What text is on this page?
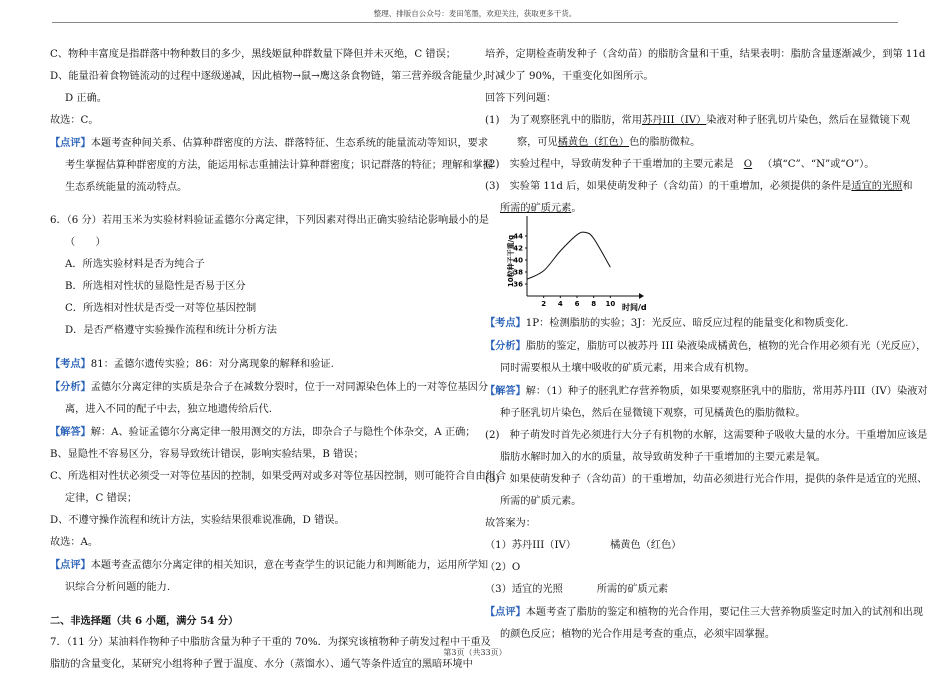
整理、排版自公众号：麦田笔墨，欢迎关注，获取更多干货。
C、物种丰富度是指群落中物种数目的多少，黑线姬鼠种群数量下降但并未灭绝，C 错误；
D、能量沿着食物链流动的过程中逐级递减，因此植物→鼠→鹰这条食物链，第三营养级含能量少，
D 正确。
故选：C。
【点评】本题考查种间关系、估算种群密度的方法、群落特征、生态系统的能量流动等知识，要求
考生掌握估算种群密度的方法，能运用标志重捕法计算种群密度；识记群落的特征；理解和掌握
生态系统能量的流动特点。
6．（6 分）若用玉米为实验材料验证孟德尔分离定律，下列因素对得出正确实验结论影响最小的是
（　　）
A．所选实验材料是否为纯合子
B．所选相对性状的显隐性是否易于区分
C．所选相对性状是否受一对等位基因控制
D．是否严格遵守实验操作流程和统计分析方法
【考点】81：孟德尔遗传实验；86：对分离现象的解释和验证.
【分析】孟德尔分离定律的实质是杂合子在减数分裂时，位于一对同源染色体上的一对等位基因分
离，进入不同的配子中去，独立地遗传给后代.
【解答】解：A、验证孟德尔分离定律一般用测交的方法，即杂合子与隐性个体杂交，A 正确；
B、显隐性不容易区分，容易导致统计错误，影响实验结果，B 错误；
C、所选相对性状必须受一对等位基因的控制，如果受两对或多对等位基因控制，则可能符合自由组合
定律，C 错误；
D、不遵守操作流程和统计方法，实验结果很难说准确，D 错误。
故选：A。
【点评】本题考查孟德尔分离定律的相关知识，意在考查学生的识记能力和判断能力，运用所学知
识综合分析问题的能力.
二、非选择题（共 6 小题，满分 54 分）
7．（11 分）某油料作物种子中脂肪含量为种子干重的 70%．为探究该植物种子萌发过程中干重及
脂肪的含量变化，某研究小组将种子置于温度、水分（蒸馏水）、通气等条件适宜的黑暗环境中
培养，定期检查萌发种子（含幼苗）的脂肪含量和干重，结果表明：脂肪含量逐渐减少，到第 11d
时减少了 90%，干重变化如图所示。
回答下列问题：
(1)　为了观察胚乳中的脂肪，常用苏丹III（IV）染液对种子胚乳切片染色，然后在显微镜下观
察，可见橘黄色（红色）色的脂肪微粒。
(2)　实验过程中，导致萌发种子干重增加的主要元素是 O （填“C”、“N”或“O”）。
(3)　实验第 11d 后，如果使萌发种子（含幼苗）的干重增加，必须提供的条件是适宜的光照和
所需的矿质元素。
10粒种子干重/g
时间/d
36
38
40
42
44
2 4 6 8 10
【考点】1P：检测脂肪的实验；3J：光反应、暗反应过程的能量变化和物质变化.
【分析】脂肪的鉴定，脂肪可以被苏丹 III 染液染成橘黄色，植物的光合作用必须有光（光反应），
同时需要根从土壤中吸收的矿质元素，用来合成有机物。
【解答】解：（1）种子的胚乳贮存营养物质，如果要观察胚乳中的脂肪，常用苏丹III（IV）染液对
种子胚乳切片染色，然后在显微镜下观察，可见橘黄色的脂肪微粒。
(2)　种子萌发时首先必须进行大分子有机物的水解，这需要种子吸收大量的水分。干重增加应该是
脂肪水解时加入的水的质量，故导致萌发种子干重增加的主要元素是氧。
(3)　如果使萌发种子（含幼苗）的干重增加，幼苗必须进行光合作用，提供的条件是适宜的光照、
所需的矿质元素。
故答案为：
（1）苏丹III（IV）	橘黄色（红色）
（2）O
（3）适宜的光照	所需的矿质元素
【点评】本题考查了脂肪的鉴定和植物的光合作用，要记住三大营养物质鉴定时加入的试剂和出现
的颜色反应；植物的光合作用是考查的重点，必须牢固掌握。
第3页（共33页）
